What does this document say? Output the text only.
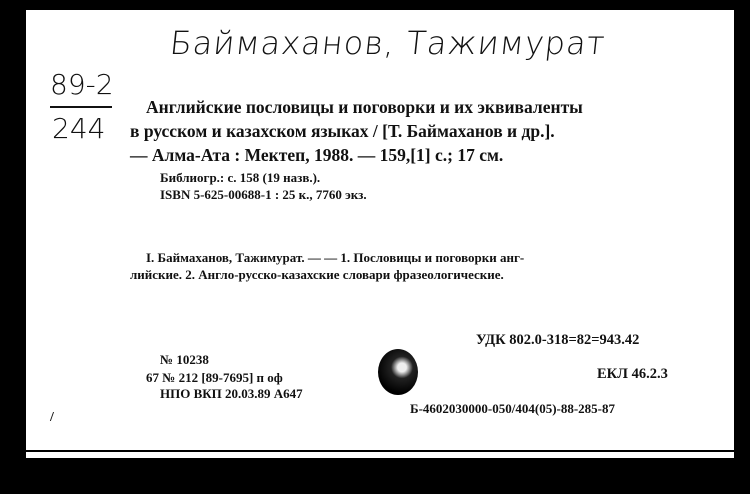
Баймаханов, Тажимурат
89-2
244
Английские пословицы и поговорки и их эквиваленты
в русском и казахском языках / [Т. Баймаханов и др.].
— Алма-Ата : Мектеп, 1988. — 159,[1] с.; 17 см.
Библиогр.: с. 158 (19 назв.).
ISBN 5-625-00688-1 : 25 к., 7760 экз.
I. Баймаханов, Тажимурат. — — 1. Пословицы и поговорки анг-
лийские. 2. Англо-русско-казахские словари фразеологические.
УДК 802.0-318=82=943.42
№ 10238
67 № 212 [89-7695] п оф
НПО ВКП 20.03.89 А647
ЕКЛ 46.2.3
Б-4602030000-050/404(05)-88-285-87
/
